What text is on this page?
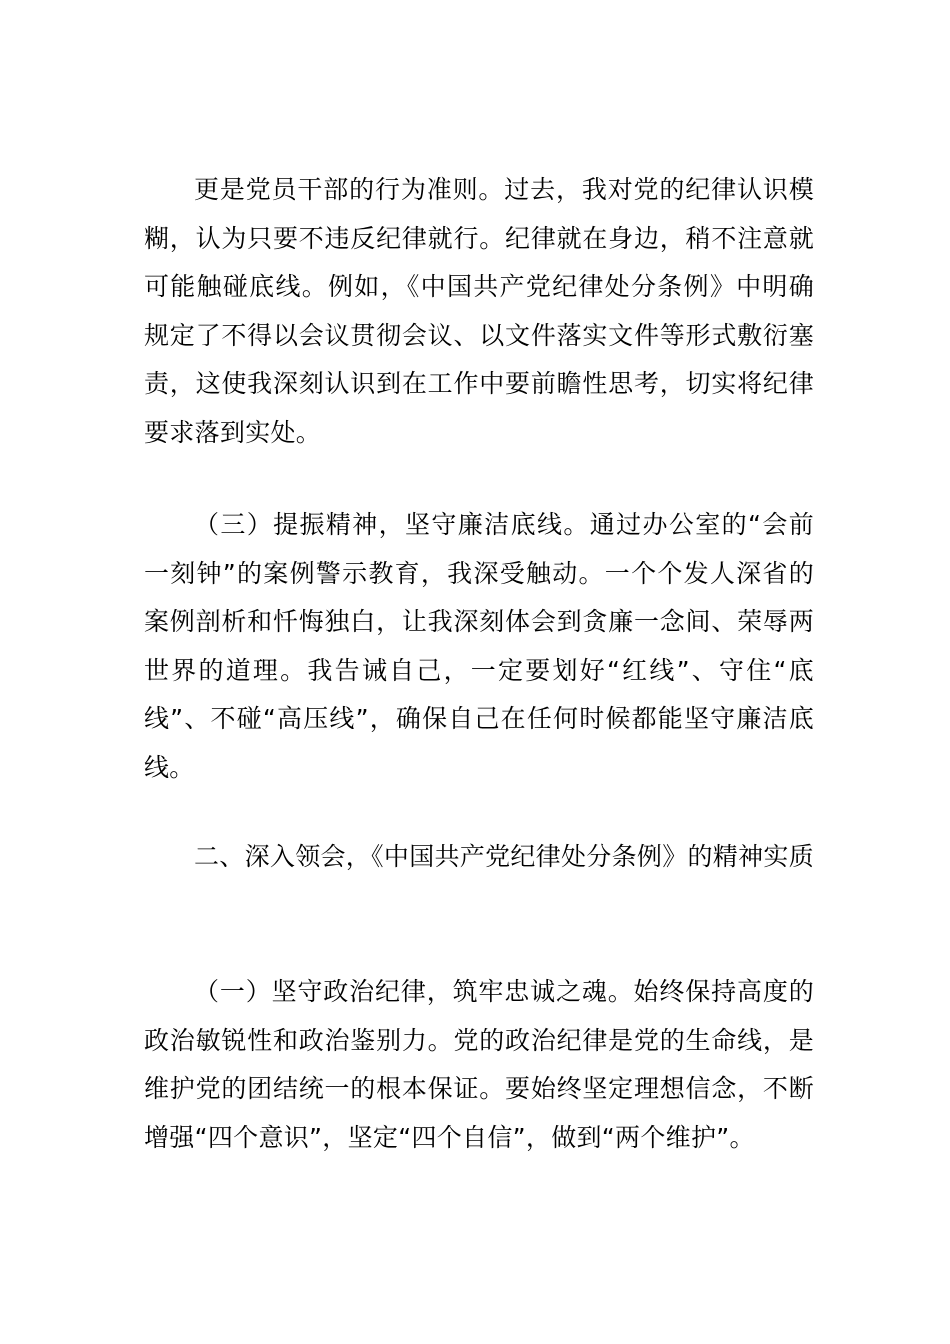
更是党员干部的行为准则。过去，我对党的纪律认识模糊，认为只要不违反纪律就行。纪律就在身边，稍不注意就可能触碰底线。例如，《中国共产党纪律处分条例》中明确规定了不得以会议贯彻会议、以文件落实文件等形式敷衍塞责，这使我深刻认识到在工作中要前瞻性思考，切实将纪律要求落到实处。

（三）提振精神，坚守廉洁底线。通过办公室的“会前一刻钟”的案例警示教育，我深受触动。一个个发人深省的案例剖析和忏悔独白，让我深刻体会到贪廉一念间、荣辱两世界的道理。我告诫自己，一定要划好“红线”、守住“底线”、不碰“高压线”，确保自己在任何时候都能坚守廉洁底线。

二、深入领会，《中国共产党纪律处分条例》的精神实质

（一）坚守政治纪律，筑牢忠诚之魂。始终保持高度的政治敏锐性和政治鉴别力。党的政治纪律是党的生命线，是维护党的团结统一的根本保证。要始终坚定理想信念，不断增强“四个意识”，坚定“四个自信”，做到“两个维护”。
